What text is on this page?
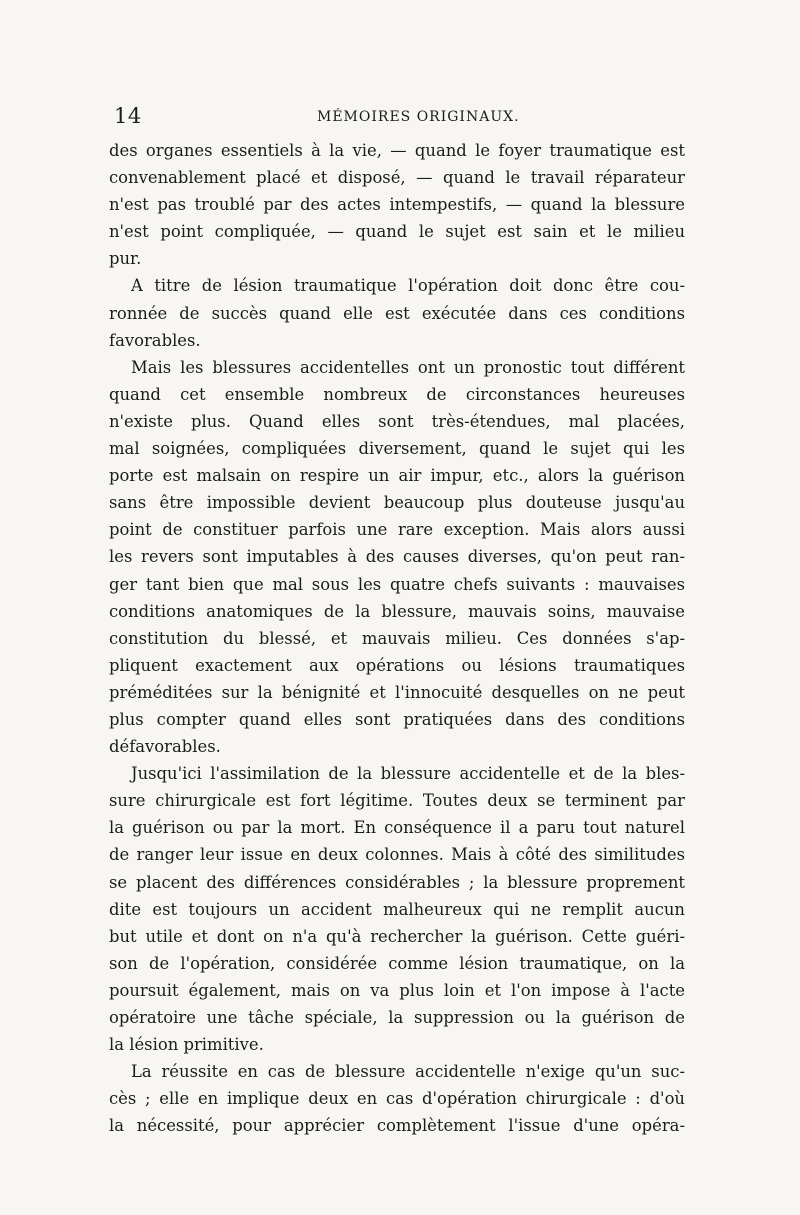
14	MÉMOIRES ORIGINAUX.
des organes essentiels à la vie, — quand le foyer traumatique est
convenablement placé et disposé, — quand le travail réparateur
n'est pas troublé par des actes intempestifs, — quand la blessure
n'est point compliquée, — quand le sujet est sain et le milieu
pur.
A titre de lésion traumatique l'opération doit donc être cou-
ronnée de succès quand elle est exécutée dans ces conditions
favorables.
Mais les blessures accidentelles ont un pronostic tout différent
quand cet ensemble nombreux de circonstances heureuses
n'existe plus. Quand elles sont très-étendues, mal placées,
mal soignées, compliquées diversement, quand le sujet qui les
porte est malsain on respire un air impur, etc., alors la guérison
sans être impossible devient beaucoup plus douteuse jusqu'au
point de constituer parfois une rare exception. Mais alors aussi
les revers sont imputables à des causes diverses, qu'on peut ran-
ger tant bien que mal sous les quatre chefs suivants : mauvaises
conditions anatomiques de la blessure, mauvais soins, mauvaise
constitution du blessé, et mauvais milieu. Ces données s'ap-
pliquent exactement aux opérations ou lésions traumatiques
préméditées sur la bénignité et l'innocuité desquelles on ne peut
plus compter quand elles sont pratiquées dans des conditions
défavorables.
Jusqu'ici l'assimilation de la blessure accidentelle et de la bles-
sure chirurgicale est fort légitime. Toutes deux se terminent par
la guérison ou par la mort. En conséquence il a paru tout naturel
de ranger leur issue en deux colonnes. Mais à côté des similitudes
se placent des différences considérables ; la blessure proprement
dite est toujours un accident malheureux qui ne remplit aucun
but utile et dont on n'a qu'à rechercher la guérison. Cette guéri-
son de l'opération, considérée comme lésion traumatique, on la
poursuit également, mais on va plus loin et l'on impose à l'acte
opératoire une tâche spéciale, la suppression ou la guérison de
la lésion primitive.
La réussite en cas de blessure accidentelle n'exige qu'un suc-
cès ; elle en implique deux en cas d'opération chirurgicale : d'où
la nécessité, pour apprécier complètement l'issue d'une opéra-
